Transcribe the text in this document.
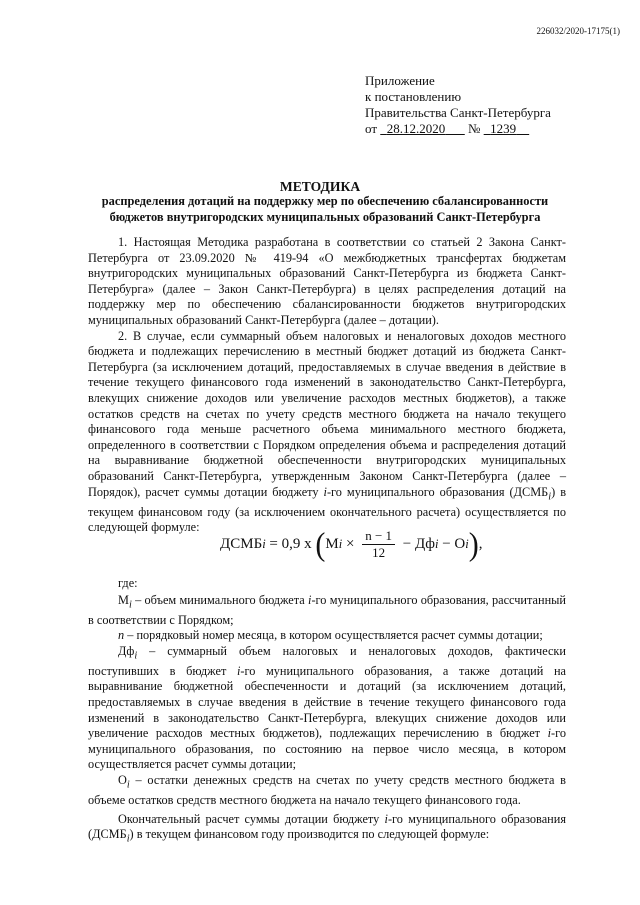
226032/2020-17175(1)
Приложение
к постановлению
Правительства Санкт-Петербурга
от 28.12.2020 № 1239
МЕТОДИКА
распределения дотаций на поддержку мер по обеспечению сбалансированности бюджетов внутригородских муниципальных образований Санкт-Петербурга

1. Настоящая Методика разработана в соответствии со статьей 2 Закона Санкт-Петербурга от 23.09.2020 № 419-94 «О межбюджетных трансфертах бюджетам внутригородских муниципальных образований Санкт-Петербурга из бюджета Санкт-Петербурга» (далее – Закон Санкт-Петербурга) в целях распределения дотаций на поддержку мер по обеспечению сбалансированности бюджетов внутригородских муниципальных образований Санкт-Петербурга (далее – дотации).

2. В случае, если суммарный объем налоговых и неналоговых доходов местного бюджета и подлежащих перечислению в местный бюджет дотаций из бюджета Санкт-Петербурга (за исключением дотаций, предоставляемых в случае введения в действие в течение текущего финансового года изменений в законодательство Санкт-Петербурга, влекущих снижение доходов или увеличение расходов местных бюджетов), а также остатков средств на счетах по учету средств местного бюджета на начало текущего финансового года меньше расчетного объема минимального местного бюджета, определенного в соответствии с Порядком определения объема и распределения дотаций на выравнивание бюджетной обеспеченности внутригородских муниципальных образований Санкт-Петербурга, утвержденным Законом Санкт-Петербурга (далее – Порядок), расчет суммы дотации бюджету i-го муниципального образования $(ДСМБ_i)$ в текущем финансовом году (за исключением окончательного расчета) осуществляется по следующей формуле:

ДСМБ i = 0,9 x ( М $i \times \frac{n - 1}{12}$ − Дф i − О i ) ,

где:

$М_i$ – объем минимального бюджета i-го муниципального образования, рассчитанный в соответствии с Порядком;

n – порядковый номер месяца, в котором осуществляется расчет суммы дотации;

$Дф_i$ – суммарный объем налоговых и неналоговых доходов, фактически поступивших в бюджет i-го муниципального образования, а также дотаций на выравнивание бюджетной обеспеченности и дотаций (за исключением дотаций, предоставляемых в случае введения в действие в течение текущего финансового года изменений в законодательство Санкт-Петербурга, влекущих снижение доходов или увеличение расходов местных бюджетов), подлежащих перечислению в бюджет i-го муниципального образования, по состоянию на первое число месяца, в котором осуществляется расчет суммы дотации;

$О_i$ – остатки денежных средств на счетах по учету средств местного бюджета в объеме остатков средств местного бюджета на начало текущего финансового года.

Окончательный расчет суммы дотации бюджету i-го муниципального образования $(ДСМБ_i)$ в текущем финансовом году производится по следующей формуле:
